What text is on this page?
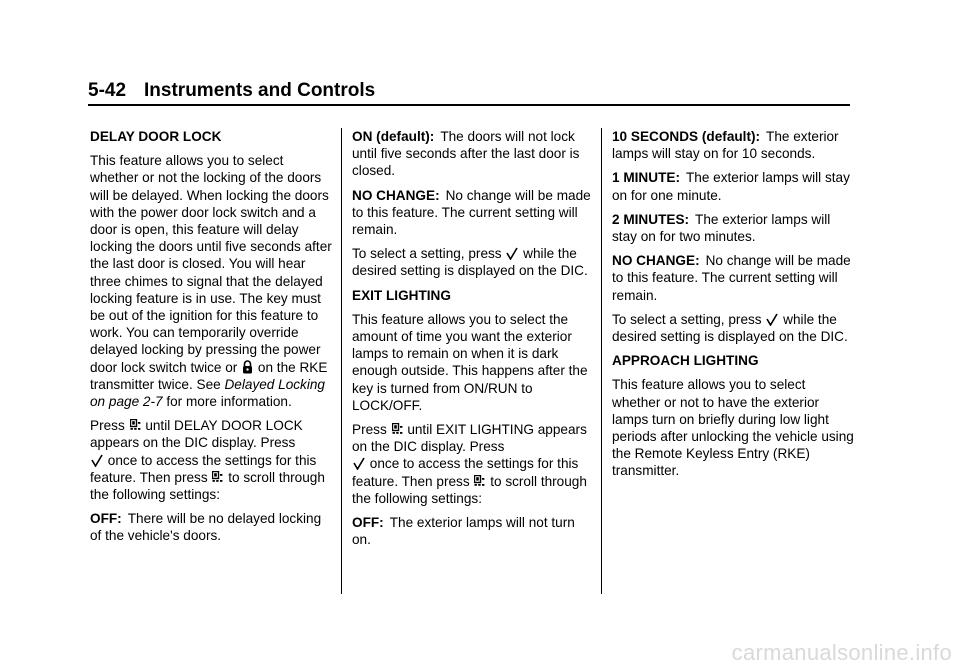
5-42 Instruments and Controls

DELAY DOOR LOCK

This feature allows you to select whether or not the locking of the doors will be delayed. When locking the doors with the power door lock switch and a door is open, this feature will delay locking the doors until five seconds after the last door is closed. You will hear three chimes to signal that the delayed locking feature is in use. The key must be out of the ignition for this feature to work. You can temporarily override delayed locking by pressing the power door lock switch twice or on the RKE transmitter twice. See Delayed Locking on page 2-7 for more information.

Press until DELAY DOOR LOCK appears on the DIC display. Press

once to access the settings for this feature. Then press to scroll through the following settings:

OFF: There will be no delayed locking of the vehicle's doors.

ON (default): The doors will not lock until five seconds after the last door is closed.

NO CHANGE: No change will be made to this feature. The current setting will remain.

To select a setting, press while the desired setting is displayed on the DIC.

EXIT LIGHTING

This feature allows you to select the amount of time you want the exterior lamps to remain on when it is dark enough outside. This happens after the key is turned from ON/RUN to LOCK/OFF.

Press until EXIT LIGHTING appears on the DIC display. Press

once to access the settings for this feature. Then press to scroll through the following settings:

OFF: The exterior lamps will not turn on.

10 SECONDS (default): The exterior lamps will stay on for 10 seconds.

1 MINUTE: The exterior lamps will stay on for one minute.

2 MINUTES: The exterior lamps will stay on for two minutes.

NO CHANGE: No change will be made to this feature. The current setting will remain.

To select a setting, press while the desired setting is displayed on the DIC.

APPROACH LIGHTING

This feature allows you to select whether or not to have the exterior lamps turn on briefly during low light periods after unlocking the vehicle using the Remote Keyless Entry (RKE) transmitter.

carmanualsonline.info
